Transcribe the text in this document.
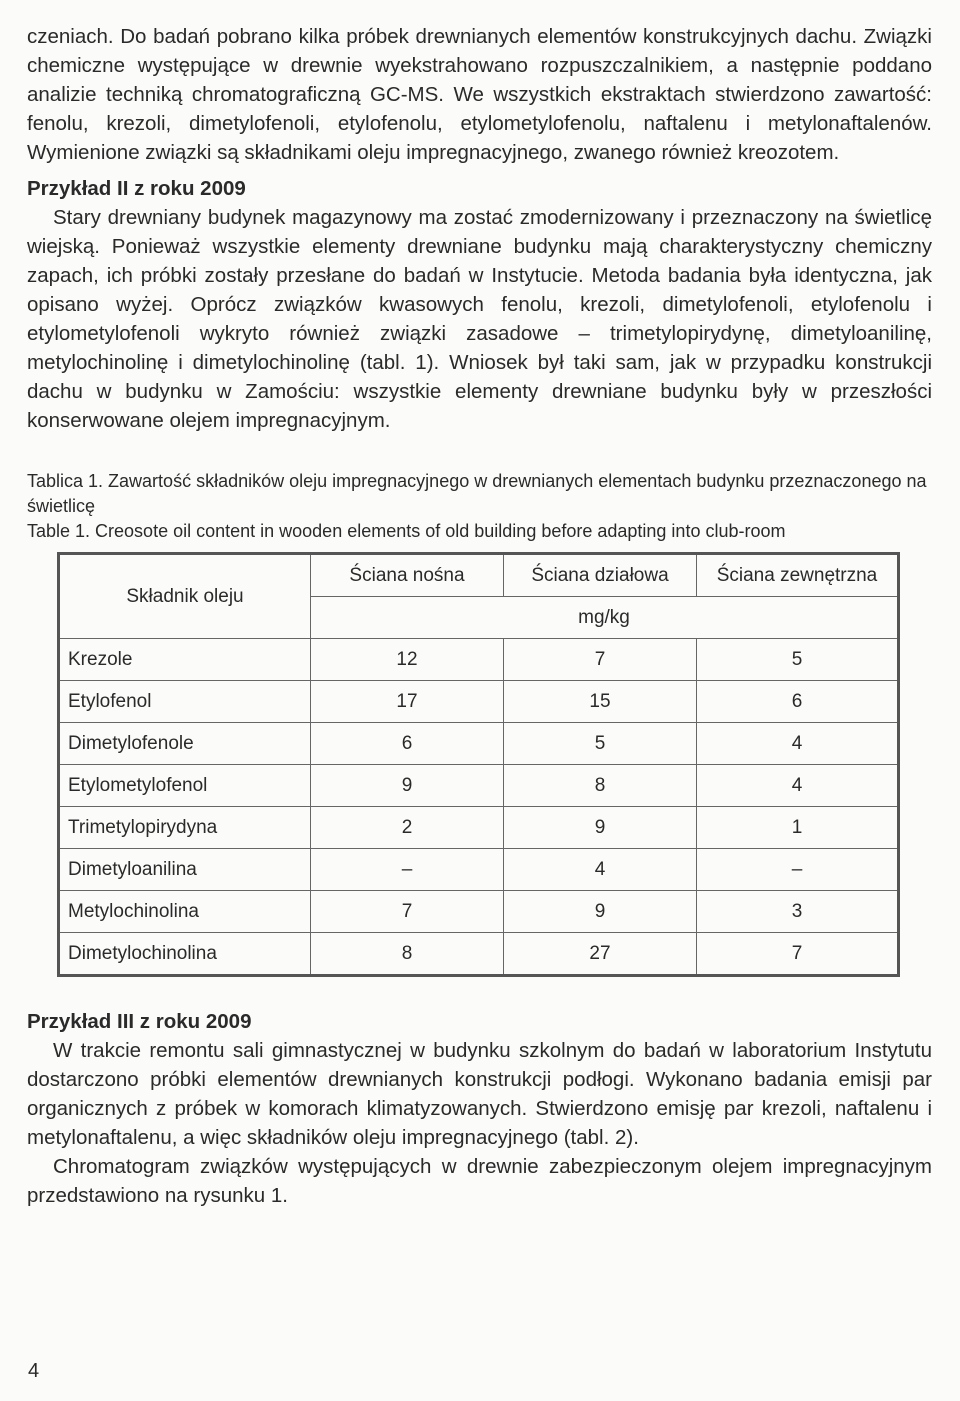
czeniach. Do badań pobrano kilka próbek drewnianych elementów konstrukcyjnych dachu. Związki chemiczne występujące w drewnie wyekstrahowano rozpuszczalnikiem, a następnie poddano analizie techniką chromatograficzną GC-MS. We wszystkich ekstraktach stwierdzono zawartość: fenolu, krezoli, dimetylofenoli, etylofenolu, etylometylofenolu, naftalenu i metylonaftalenów. Wymienione związki są składnikami oleju impregnacyjnego, zwanego również kreozotem.

Przykład II z roku 2009

Stary drewniany budynek magazynowy ma zostać zmodernizowany i przeznaczony na świetlicę wiejską. Ponieważ wszystkie elementy drewniane budynku mają charakterystyczny chemiczny zapach, ich próbki zostały przesłane do badań w Instytucie. Metoda badania była identyczna, jak opisano wyżej. Oprócz związków kwasowych fenolu, krezoli, dimetylofenoli, etylofenolu i etylometylofenoli wykryto również związki zasadowe – trimetylopirydynę, dimetyloanilinę, metylochinolinę i dimetylochinolinę (tabl. 1). Wniosek był taki sam, jak w przypadku konstrukcji dachu w budynku w Zamościu: wszystkie elementy drewniane budynku były w przeszłości konserwowane olejem impregnacyjnym.

Tablica 1. Zawartość składników oleju impregnacyjnego w drewnianych elementach budynku przeznaczonego na świetlicę

Table 1. Creosote oil content in wooden elements of old building before adapting into club-room

Składnik oleju	Ściana nośna	Ściana działowa	Ściana zewnętrzna
	mg/kg		
Krezole	12	7	5
Etylofenol	17	15	6
Dimetylofenole	6	5	4
Etylometylofenol	9	8	4
Trimetylopirydyna	2	9	1
Dimetyloanilina	–	4	–
Metylochinolina	7	9	3
Dimetylochinolina	8	27	7

Przykład III z roku 2009

W trakcie remontu sali gimnastycznej w budynku szkolnym do badań w laboratorium Instytutu dostarczono próbki elementów drewnianych konstrukcji podłogi. Wykonano badania emisji par organicznych z próbek w komorach klimatyzowanych. Stwierdzono emisję par krezoli, naftalenu i metylonaftalenu, a więc składników oleju impregnacyjnego (tabl. 2).

Chromatogram związków występujących w drewnie zabezpieczonym olejem impregnacyjnym przedstawiono na rysunku 1.

4
